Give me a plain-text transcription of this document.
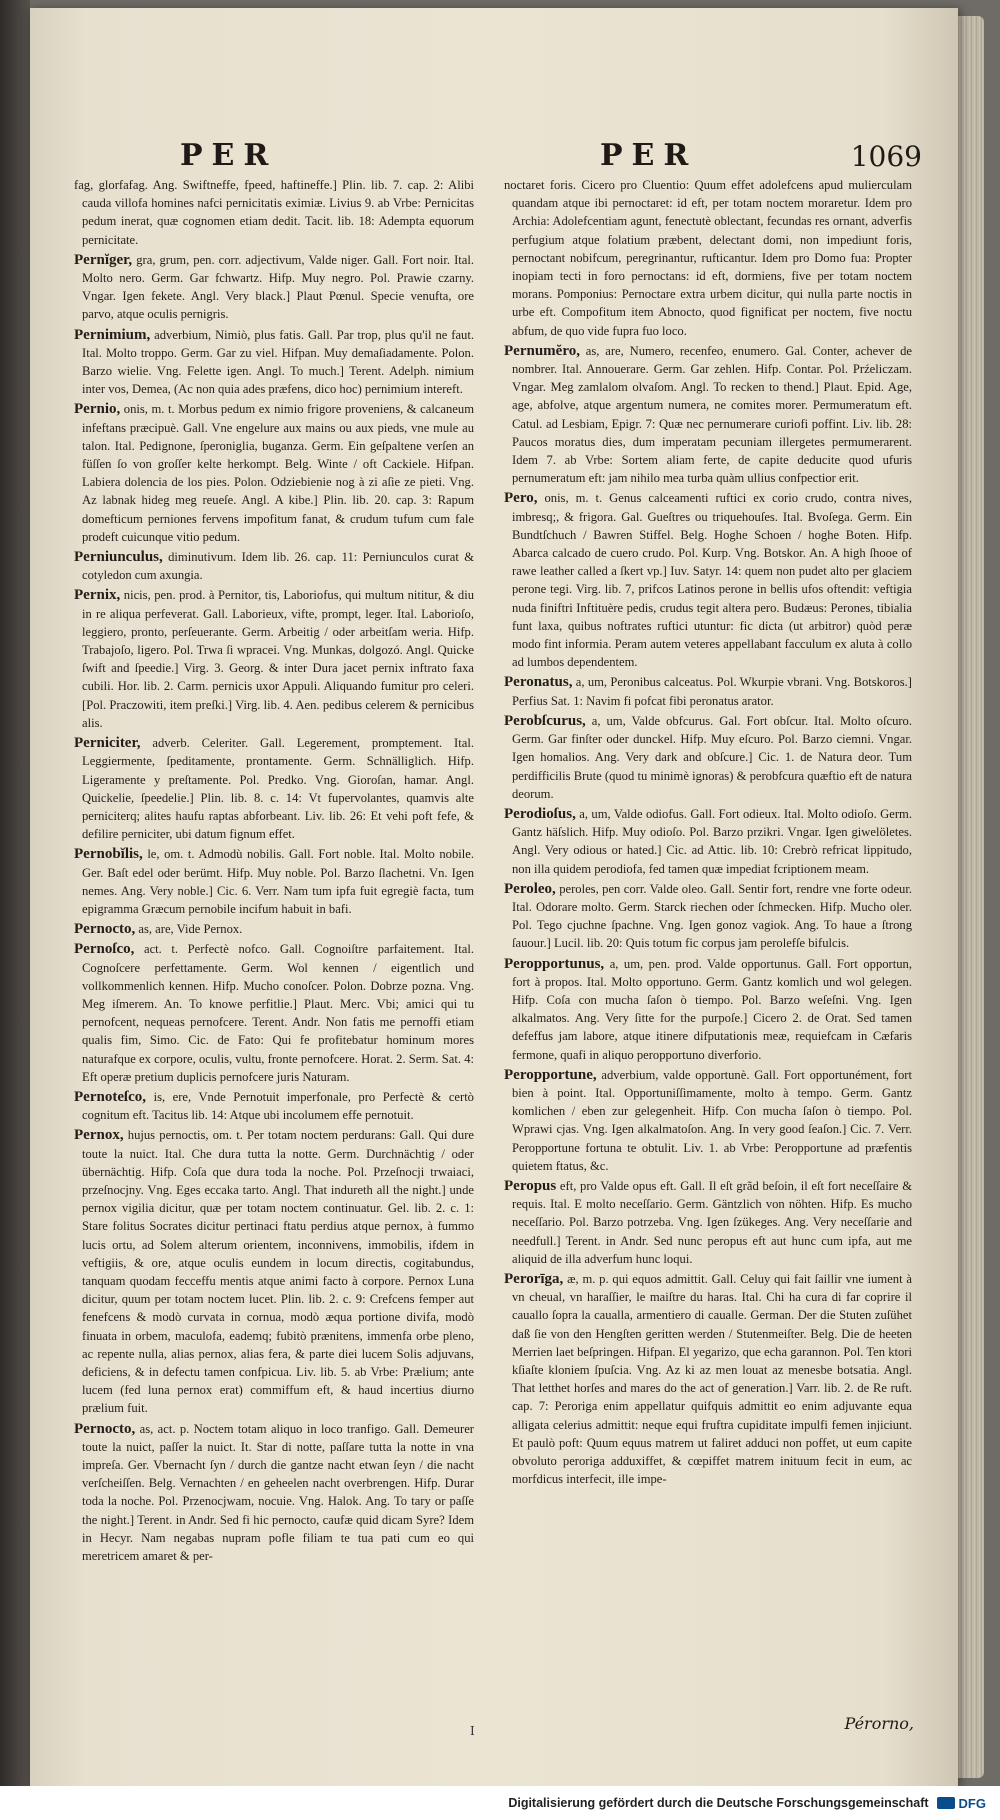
PER	PER	1069

fag, glorfafag. Ang. Swiftneffe, fpeed, haftineffe.] Plin. lib. 7. cap. 2: Alibi cauda villofa homines nafci pernicitatis eximiæ. Livius 9. ab Vrbe: Pernicitas pedum inerat, quæ cognomen etiam dedit. Tacit. lib. 18: Adempta equorum pernicitate.

Pernĭger, gra, grum, pen. corr. adjectivum, Valde niger. Gall. Fort noir. Ital. Molto nero. Germ. Gar fchwartz. Hifp. Muy negro. Pol. Prawie czarny. Vngar. Igen fekete. Angl. Very black.] Plaut Pœnul. Specie venufta, ore parvo, atque oculis pernigris.

Pernimium, adverbium, Nimiò, plus fatis. Gall. Par trop, plus qu'il ne faut. Ital. Molto troppo. Germ. Gar zu viel. Hifpan. Muy demaſiadamente. Polon. Barzo wielie. Vng. Felette igen. Angl. To much.] Terent. Adelph. nimium inter vos, Demea, (Ac non quia ades præfens, dico hoc) pernimium intereft.

Pernio, onis, m. t. Morbus pedum ex nimio frigore proveniens, & calcaneum infeftans præcipuè. Gall. Vne engelure aux mains ou aux pieds, vne mule au talon. Ital. Pedignone, ſperoniglia, buganza. Germ. Ein geſpaltene verſen an füſſen ſo von groſſer kelte herkompt. Belg. Winte / oft Cackiele. Hifpan. Labiera dolencia de los pies. Polon. Odziebienie nog à zi aſie ze pieti. Vng. Az labnak hideg meg reueſe. Angl. A kibe.] Plin. lib. 20. cap. 3: Rapum domefticum perniones fervens impofitum fanat, & crudum tufum cum fale prodeft cuicunque vitio pedum.

Perniunculus, diminutivum. Idem lib. 26. cap. 11: Perniunculos curat & cotyledon cum axungia.

Pernix, nicis, pen. prod. à Pernitor, tis, Laboriofus, qui multum nititur, & diu in re aliqua perfeverat. Gall. Laborieux, vifte, prompt, leger. Ital. Laborioſo, leggiero, pronto, perſeuerante. Germ. Arbeitig / oder arbeitſam weria. Hifp. Trabajoſo, ligero. Pol. Trwa ſi wpracei. Vng. Munkas, dolgozó. Angl. Quicke ſwift and ſpeedie.] Virg. 3. Georg. & inter Dura jacet pernix inftrato faxa cubili. Hor. lib. 2. Carm. pernicis uxor Appuli. Aliquando fumitur pro celeri. [Pol. Praczowiti, item preſki.] Virg. lib. 4. Aen. pedibus celerem & pernicibus alis.

Perniciter, adverb. Celeriter. Gall. Legerement, promptement. Ital. Leggiermente, ſpeditamente, prontamente. Germ. Schnälliglich. Hifp. Ligeramente y preſtamente. Pol. Predko. Vng. Gioroſan, hamar. Angl. Quickelie, ſpeedelie.] Plin. lib. 8. c. 14: Vt fupervolantes, quamvis alte perniciterq; alites haufu raptas abforbeant. Liv. lib. 26: Et vehi poft fefe, & defilire perniciter, ubi datum fignum effet.

Pernobĭlis, le, om. t. Admodù nobilis. Gall. Fort noble. Ital. Molto nobile. Ger. Baſt edel oder berümt. Hifp. Muy noble. Pol. Barzo ſlachetni. Vn. Igen nemes. Ang. Very noble.] Cic. 6. Verr. Nam tum ipfa fuit egregiè facta, tum epigramma Græcum pernobile incifum habuit in bafi.

Pernocto, as, are, Vide Pernox.

Pernoſco, act. t. Perfectè nofco. Gall. Cognoiſtre parfaitement. Ital. Cognoſcere perfettamente. Germ. Wol kennen / eigentlich und vollkommenlich kennen. Hifp. Mucho conoſcer. Polon. Dobrze pozna. Vng. Meg iſmerem. An. To knowe perfitlie.] Plaut. Merc. Vbi; amici qui tu pernofcent, nequeas pernofcere. Terent. Andr. Non fatis me pernoffi etiam qualis fim, Simo. Cic. de Fato: Qui fe profitebatur hominum mores naturafque ex corpore, oculis, vultu, fronte pernofcere. Horat. 2. Serm. Sat. 4: Eft operæ pretium duplicis pernofcere juris Naturam.

Pernoteſco, is, ere, Vnde Pernotuit imperfonale, pro Perfectè & certò cognitum eft. Tacitus lib. 14: Atque ubi incolumem effe pernotuit.

Pernox, hujus pernoctis, om. t. Per totam noctem perdurans: Gall. Qui dure toute la nuict. Ital. Che dura tutta la notte. Germ. Durchnächtig / oder übernächtig. Hifp. Coſa que dura toda la noche. Pol. Przeſnocji trwaiaci, przeſnocjny. Vng. Eges eccaka tarto. Angl. That indureth all the night.] unde pernox vigilia dicitur, quæ per totam noctem continuatur. Gel. lib. 2. c. 1: Stare folitus Socrates dicitur pertinaci ftatu perdius atque pernox, à fummo lucis ortu, ad Solem alterum orientem, inconnivens, immobilis, ifdem in veftigiis, & ore, atque oculis eundem in locum directis, cogitabundus, tanquam quodam fecceffu mentis atque animi facto à corpore. Pernox Luna dicitur, quum per totam noctem lucet. Plin. lib. 2. c. 9: Crefcens femper aut fenefcens & modò curvata in cornua, modò æqua portione divifa, modò finuata in orbem, maculofa, eademq; fubitò prænitens, immenfa orbe pleno, ac repente nulla, alias pernox, alias fera, & parte diei lucem Solis adjuvans, deficiens, & in defectu tamen confpicua. Liv. lib. 5. ab Vrbe: Prælium; ante lucem (fed luna pernox erat) commiffum eft, & haud incertius diurno prælium fuit.

Pernocto, as, act. p. Noctem totam aliquo in loco tranfigo. Gall. Demeurer toute la nuict, paſſer la nuict. It. Star di notte, paſſare tutta la notte in vna impreſa. Ger. Vbernacht ſyn / durch die gantze nacht etwan ſeyn / die nacht verſcheiſſen. Belg. Vernachten / en geheelen nacht overbrengen. Hifp. Durar toda la noche. Pol. Przenocjwam, nocuie. Vng. Halok. Ang. To tary or paſſe the night.] Terent. in Andr. Sed fi hic pernocto, caufæ quid dicam Syre? Idem in Hecyr. Nam negabas nupram pofle filiam te tua pati cum eo qui meretricem amaret & per-

noctaret foris. Cicero pro Cluentio: Quum effet adolefcens apud mulierculam quandam atque ibi pernoctaret: id eft, per totam noctem moraretur. Idem pro Archia: Adolefcentiam agunt, fenectutè oblectant, fecundas res ornant, adverfis perfugium atque folatium præbent, delectant domi, non impediunt foris, pernoctant nobifcum, peregrinantur, rufticantur. Idem pro Domo fua: Propter inopiam tecti in foro pernoctans: id eft, dormiens, five per totam noctem morans. Pomponius: Pernoctare extra urbem dicitur, qui nulla parte noctis in urbe eft. Compofitum item Abnocto, quod fignificat per noctem, five noctu abfum, de quo vide fupra fuo loco.

Pernumĕro, as, are, Numero, recenfeo, enumero. Gal. Conter, achever de nombrer. Ital. Annouerare. Germ. Gar zehlen. Hifp. Contar. Pol. Prźeliczam. Vngar. Meg zamlalom olvaſom. Angl. To recken to thend.] Plaut. Epid. Age, age, abfolve, atque argentum numera, ne comites morer. Permumeratum eft. Catul. ad Lesbiam, Epigr. 7: Quæ nec pernumerare curiofi poffint. Liv. lib. 28: Paucos moratus dies, dum imperatam pecuniam illergetes permumerarent. Idem 7. ab Vrbe: Sortem aliam ferte, de capite deducite quod ufuris pernumeratum eft: jam nihilo mea turba quàm ullius confpectior erit.

Pero, onis, m. t. Genus calceamenti ruftici ex corio crudo, contra nives, imbresq;, & frigora. Gal. Gueſtres ou triquehouſes. Ital. Bvoſega. Germ. Ein Bundtſchuch / Bawren Stiffel. Belg. Hoghe Schoen / hoghe Boten. Hifp. Abarca calcado de cuero crudo. Pol. Kurp. Vng. Botskor. An. A high ſhooe of rawe leather called a ſkert vp.] Iuv. Satyr. 14: quem non pudet alto per glaciem perone tegi. Virg. lib. 7, prifcos Latinos perone in bellis ufos oftendit: veftigia nuda finiftri Inftituère pedis, crudus tegit altera pero. Budæus: Perones, tibialia funt laxa, quibus noftrates ruftici utuntur: fic dicta (ut arbitror) quòd peræ modo fint informia. Peram autem veteres appellabant facculum ex aluta à collo ad lumbos dependentem.

Peronatus, a, um, Peronibus calceatus. Pol. Wkurpie vbrani. Vng. Botskoros.] Perfius Sat. 1: Navim fi pofcat fibi peronatus arator.

Perobſcurus, a, um, Valde obfcurus. Gal. Fort obſcur. Ital. Molto oſcuro. Germ. Gar finſter oder dunckel. Hifp. Muy eſcuro. Pol. Barzo ciemni. Vngar. Igen homalios. Ang. Very dark and obſcure.] Cic. 1. de Natura deor. Tum perdifficilis Brute (quod tu minimè ignoras) & perobfcura quæftio eft de natura deorum.

Perodioſus, a, um, Valde odiofus. Gall. Fort odieux. Ital. Molto odioſo. Germ. Gantz häſslich. Hifp. Muy odioſo. Pol. Barzo przikri. Vngar. Igen giwelöletes. Angl. Very odious or hated.] Cic. ad Attic. lib. 10: Crebrò refricat lippitudo, non illa quidem perodiofa, fed tamen quæ impediat fcriptionem meam.

Peroleo, peroles, pen corr. Valde oleo. Gall. Sentir fort, rendre vne forte odeur. Ital. Odorare molto. Germ. Starck riechen oder ſchmecken. Hifp. Mucho oler. Pol. Tego cjuchne ſpachne. Vng. Igen gonoz vagiok. Ang. To haue a ſtrong ſauour.] Lucil. lib. 20: Quis totum fic corpus jam perolefſe bifulcis.

Peropportunus, a, um, pen. prod. Valde opportunus. Gall. Fort opportun, fort à propos. Ital. Molto opportuno. Germ. Gantz komlich und wol gelegen. Hifp. Coſa con mucha ſaſon ò tiempo. Pol. Barzo weſeſni. Vng. Igen alkalmatos. Ang. Very ſitte for the purpoſe.] Cicero 2. de Orat. Sed tamen defeffus jam labore, atque itinere difputationis meæ, requiefcam in Cæfaris fermone, quafi in aliquo peropportuno diverforio.

Peropportune, adverbium, valde opportunè. Gall. Fort opportunément, fort bien à point. Ital. Opportuniſſimamente, molto à tempo. Germ. Gantz komlichen / eben zur gelegenheit. Hifp. Con mucha ſaſon ò tiempo. Pol. Wprawi cjas. Vng. Igen alkalmatoſon. Ang. In very good ſeaſon.] Cic. 7. Verr. Peropportune fortuna te obtulit. Liv. 1. ab Vrbe: Peropportune ad præfentis quietem ftatus, &c.

Peropus eft, pro Valde opus eft. Gall. Il eſt grãd beſoin, il eſt fort neceſſaire & requis. Ital. E molto neceſſario. Germ. Gäntzlich von nöhten. Hifp. Es mucho neceſſario. Pol. Barzo potrzeba. Vng. Igen ſzükeges. Ang. Very neceſſarie and needfull.] Terent. in Andr. Sed nunc peropus eft aut hunc cum ipfa, aut me aliquid de illa adverfum hunc loqui.

Perorīga, æ, m. p. qui equos admittit. Gall. Celuy qui fait ſaillir vne iument à vn cheual, vn haraſſier, le maiſtre du haras. Ital. Chi ha cura di far coprire il cauallo ſopra la caualla, armentiero di caualle. German. Der die Stuten zuſühet daß ſie von den Hengſten geritten werden / Stutenmeiſter. Belg. Die de heeten Merrien laet beſpringen. Hifpan. El yegarizo, que echa garannon. Pol. Ten ktori kſiaſte kloniem ſpuſcia. Vng. Az ki az men louat az menesbe botsatia. Angl. That letthet horſes and mares do the act of generation.] Varr. lib. 2. de Re ruft. cap. 7: Peroriga enim appellatur quifquis admittit eo enim adjuvante equa alligata celerius admittit: neque equi fruftra cupiditate impulfi femen injiciunt. Et paulò poft: Quum equus matrem ut faliret adduci non poffet, ut eum capite obvoluto peroriga adduxiffet, & cœpiffet matrem inituum fecit in eum, ac morfdicus interfecit, ille impe-

I	Pérorno,
Digitalisierung gefördert durch die Deutsche Forschungsgemeinschaft DFG
